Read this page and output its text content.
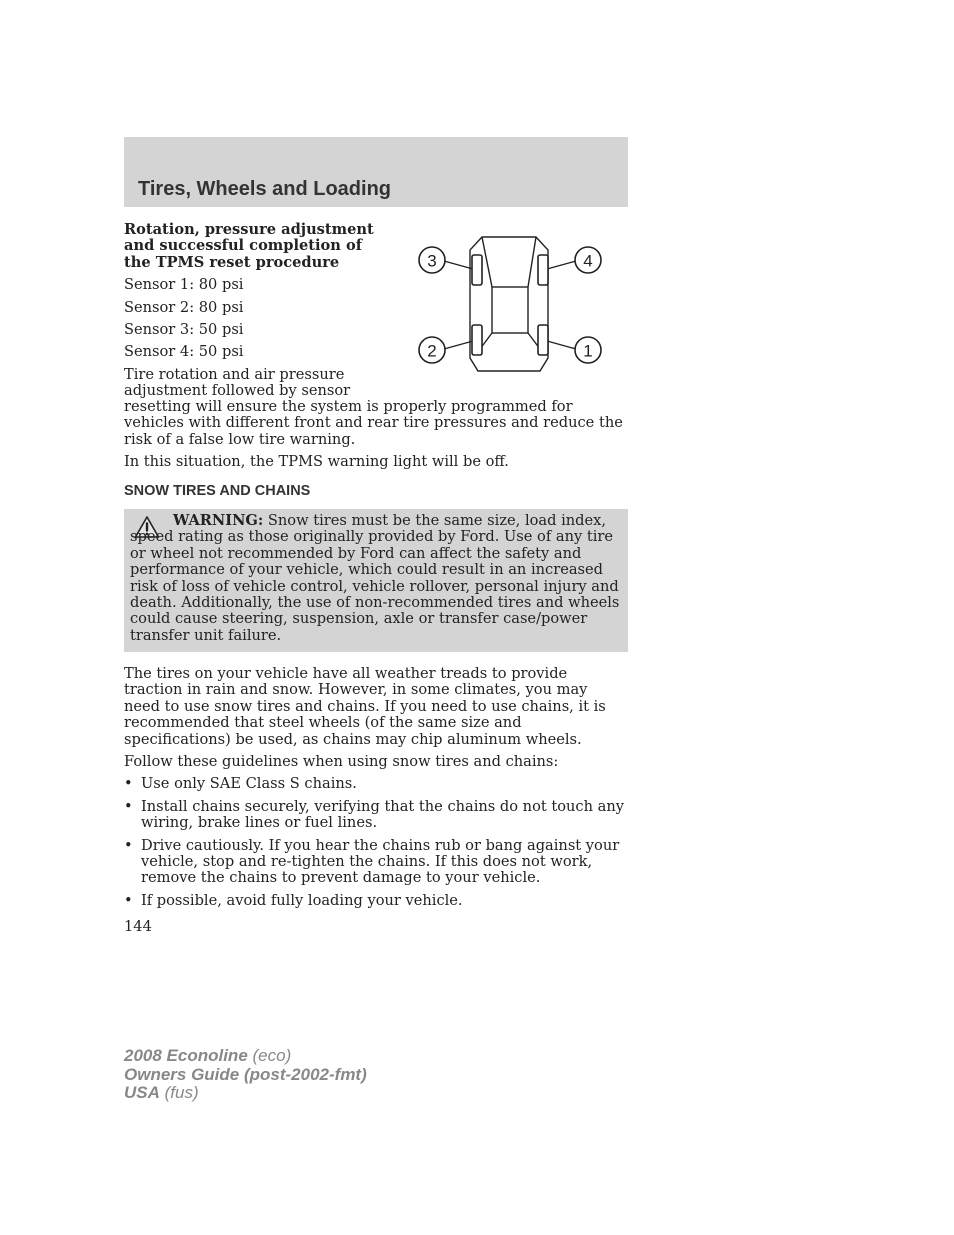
Tires, Wheels and Loading

Rotation, pressure adjustment and successful completion of the TPMS reset procedure

Sensor 1: 80 psi

Sensor 2: 80 psi

Sensor 3: 50 psi

Sensor 4: 50 psi

Tire rotation and air pressure
adjustment followed by sensor

resetting will ensure the system is properly programmed for vehicles with different front and rear tire pressures and reduce the risk of a false low tire warning.

In this situation, the TPMS warning light will be off.

3	4
2	1
SNOW TIRES AND CHAINS

WARNING: Snow tires must be the same size, load index, speed rating as those originally provided by Ford. Use of any tire or wheel not recommended by Ford can affect the safety and performance of your vehicle, which could result in an increased risk of loss of vehicle control, vehicle rollover, personal injury and death. Additionally, the use of non-recommended tires and wheels could cause steering, suspension, axle or transfer case/power transfer unit failure.

The tires on your vehicle have all weather treads to provide traction in rain and snow. However, in some climates, you may need to use snow tires and chains. If you need to use chains, it is recommended that steel wheels (of the same size and specifications) be used, as chains may chip aluminum wheels.

Follow these guidelines when using snow tires and chains:

• Use only SAE Class S chains.
• Install chains securely, verifying that the chains do not touch any wiring, brake lines or fuel lines.
• Drive cautiously. If you hear the chains rub or bang against your vehicle, stop and re-tighten the chains. If this does not work, remove the chains to prevent damage to your vehicle.
• If possible, avoid fully loading your vehicle.

144

2008 Econoline (eco)
Owners Guide (post-2002-fmt)
USA (fus)
